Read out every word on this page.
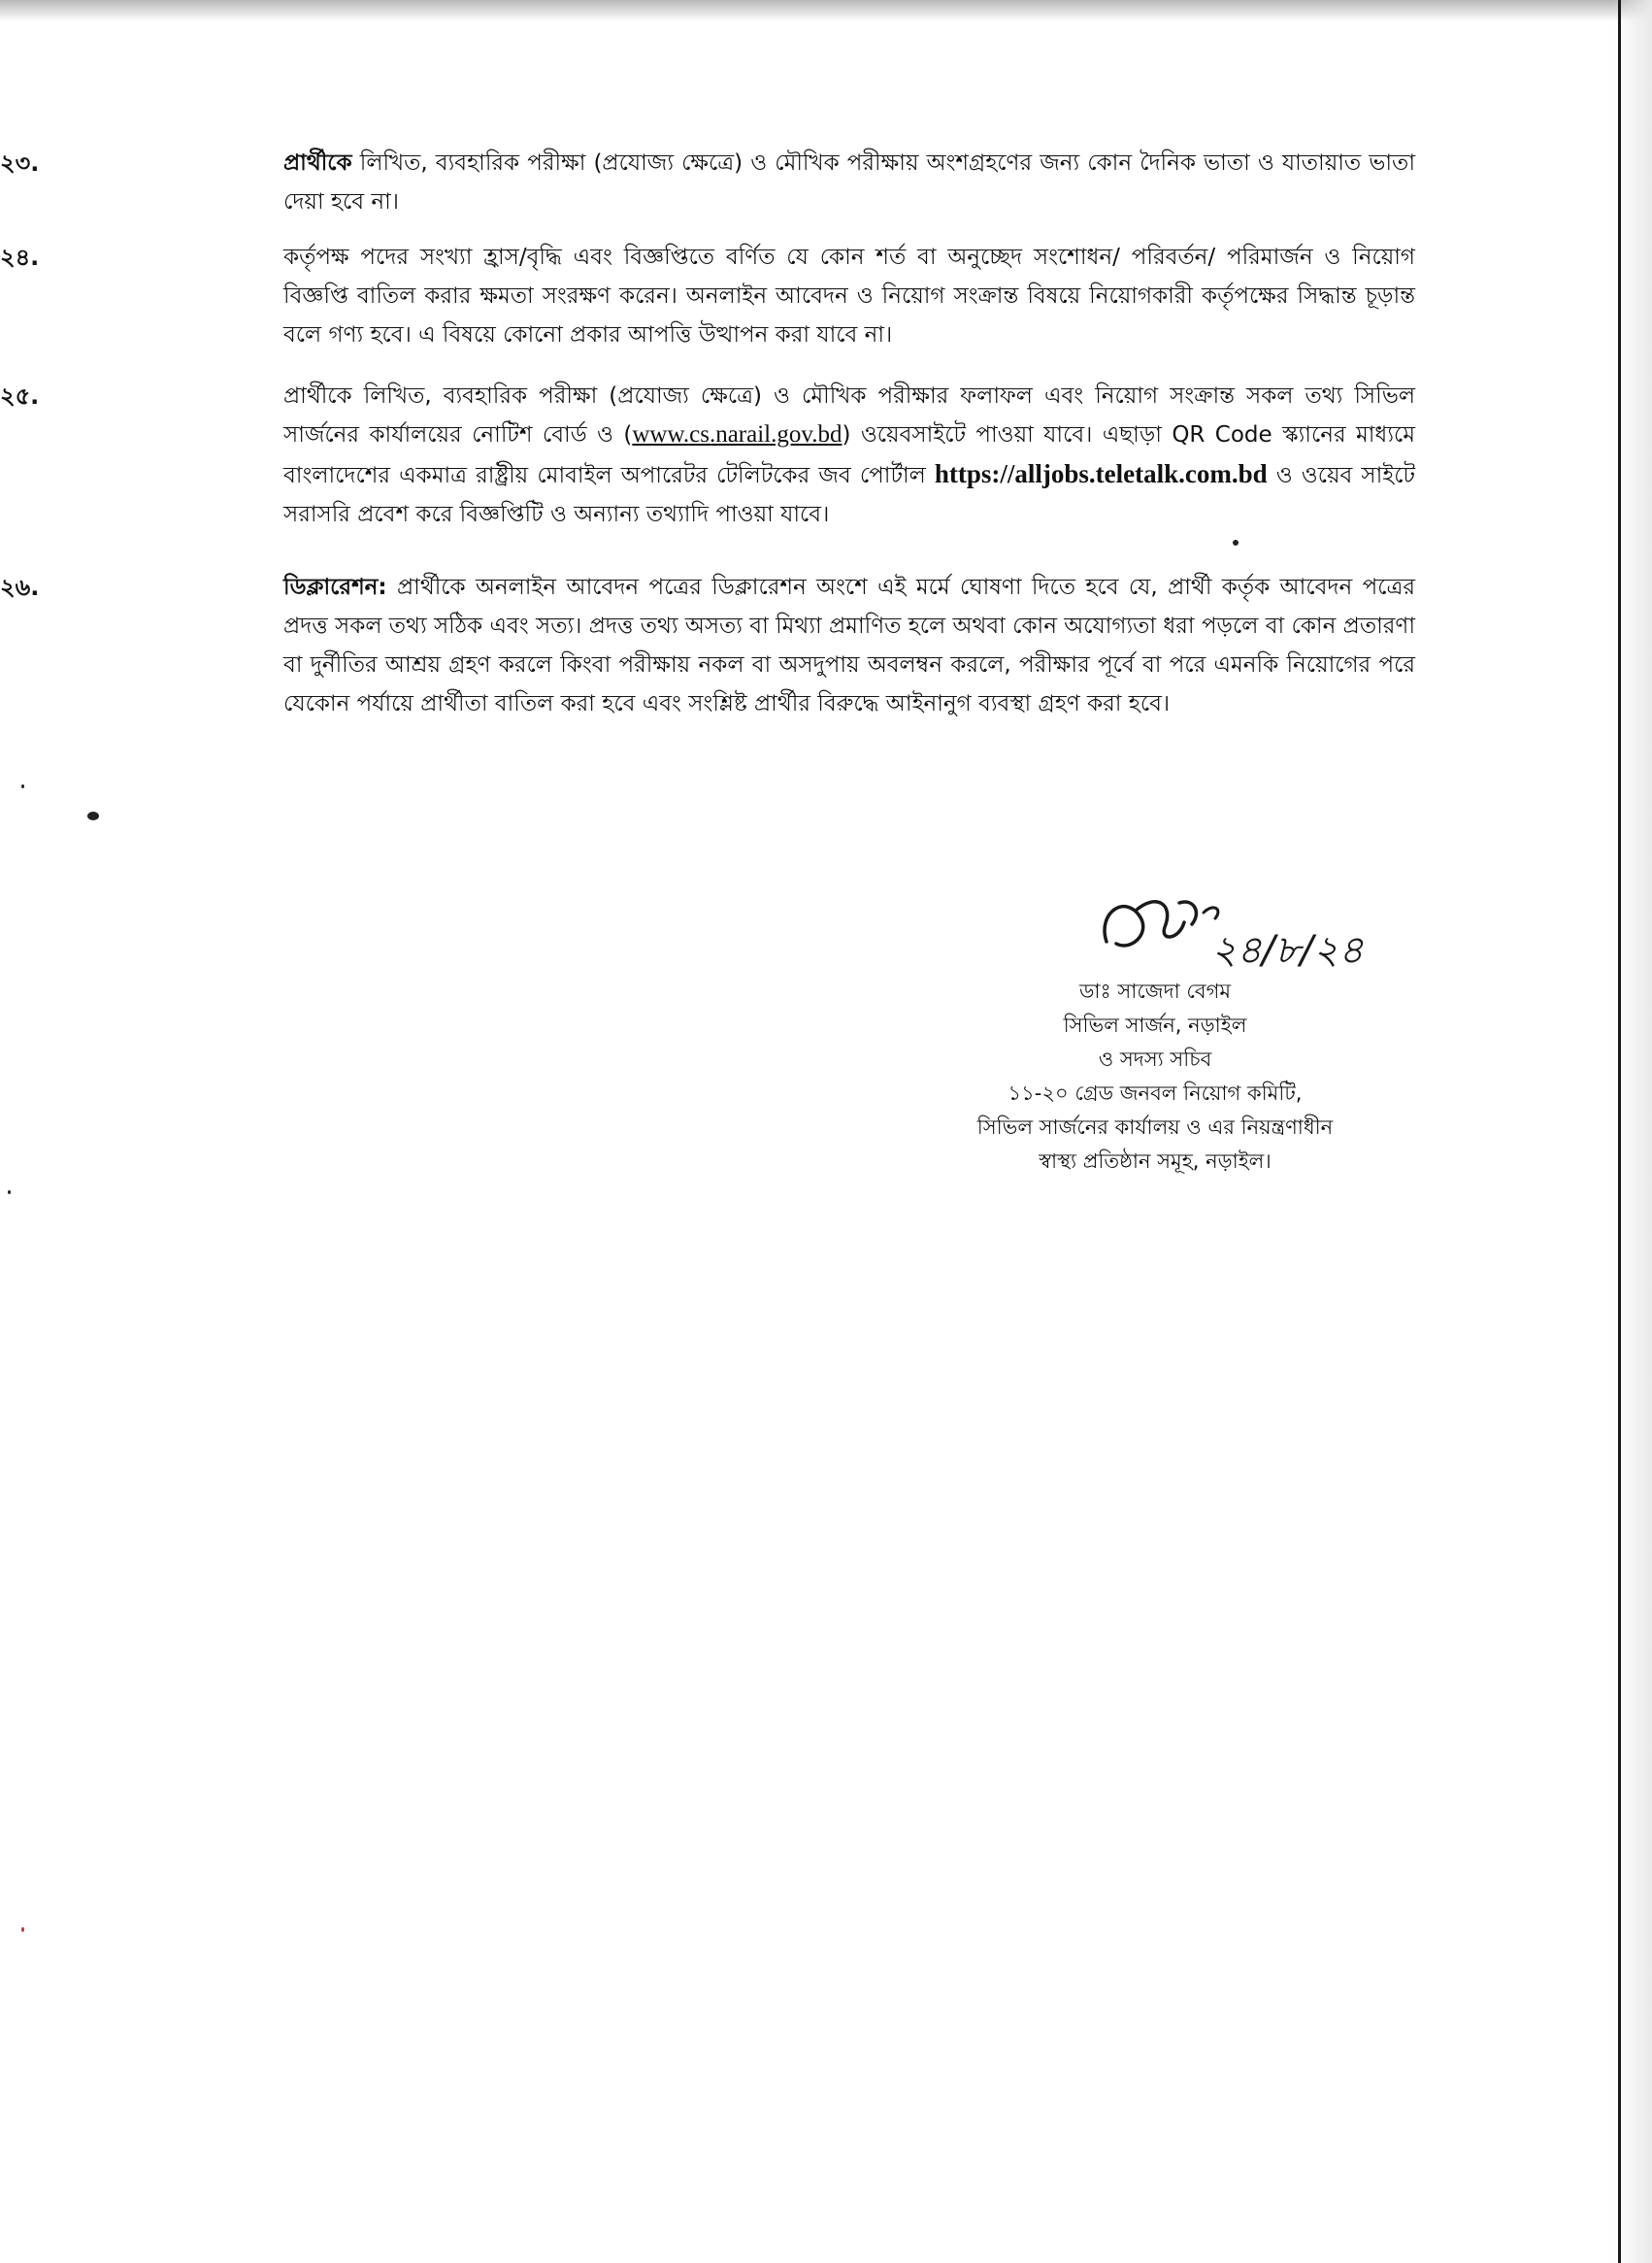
২৩.	প্রার্থীকে লিখিত, ব্যবহারিক পরীক্ষা (প্রযোজ্য ক্ষেত্রে) ও মৌখিক পরীক্ষায় অংশগ্রহণের জন্য কোন দৈনিক ভাতা ও যাতায়াত ভাতা দেয়া হবে না।

২৪.	কর্তৃপক্ষ পদের সংখ্যা হ্রাস/বৃদ্ধি এবং বিজ্ঞপ্তিতে বর্ণিত যে কোন শর্ত বা অনুচ্ছেদ সংশোধন/ পরিবর্তন/ পরিমার্জন ও নিয়োগ বিজ্ঞপ্তি বাতিল করার ক্ষমতা সংরক্ষণ করেন। অনলাইন আবেদন ও নিয়োগ সংক্রান্ত বিষয়ে নিয়োগকারী কর্তৃপক্ষের সিদ্ধান্ত চূড়ান্ত বলে গণ্য হবে। এ বিষয়ে কোনো প্রকার আপত্তি উত্থাপন করা যাবে না।

২৫.	প্রার্থীকে লিখিত, ব্যবহারিক পরীক্ষা (প্রযোজ্য ক্ষেত্রে) ও মৌখিক পরীক্ষার ফলাফল এবং নিয়োগ সংক্রান্ত সকল তথ্য সিভিল সার্জনের কার্যালয়ের নোটিশ বোর্ড ও (www.cs.narail.gov.bd) ওয়েবসাইটে পাওয়া যাবে। এছাড়া QR Code স্ক্যানের মাধ্যমে বাংলাদেশের একমাত্র রাষ্ট্রীয় মোবাইল অপারেটর টেলিটকের জব পোর্টাল https://alljobs.teletalk.com.bd ও ওয়েব সাইটে সরাসরি প্রবেশ করে বিজ্ঞপ্তিটি ও অন্যান্য তথ্যাদি পাওয়া যাবে।

২৬.	ডিক্লারেশন: প্রার্থীকে অনলাইন আবেদন পত্রের ডিক্লারেশন অংশে এই মর্মে ঘোষণা দিতে হবে যে, প্রার্থী কর্তৃক আবেদন পত্রের প্রদত্ত সকল তথ্য সঠিক এবং সত্য। প্রদত্ত তথ্য অসত্য বা মিথ্যা প্রমাণিত হলে অথবা কোন অযোগ্যতা ধরা পড়লে বা কোন প্রতারণা বা দুর্নীতির আশ্রয় গ্রহণ করলে কিংবা পরীক্ষায় নকল বা অসদুপায় অবলম্বন করলে, পরীক্ষার পূর্বে বা পরে এমনকি নিয়োগের পরে যেকোন পর্যায়ে প্রার্থীতা বাতিল করা হবে এবং সংশ্লিষ্ট প্রার্থীর বিরুদ্ধে আইনানুগ ব্যবস্থা গ্রহণ করা হবে।

২৪/৮/২৪
ডাঃ সাজেদা বেগম
সিভিল সার্জন, নড়াইল
ও সদস্য সচিব
১১-২০ গ্রেড জনবল নিয়োগ কমিটি,
সিভিল সার্জনের কার্যালয় ও এর নিয়ন্ত্রণাধীন
স্বাস্থ্য প্রতিষ্ঠান সমূহ, নড়াইল।
